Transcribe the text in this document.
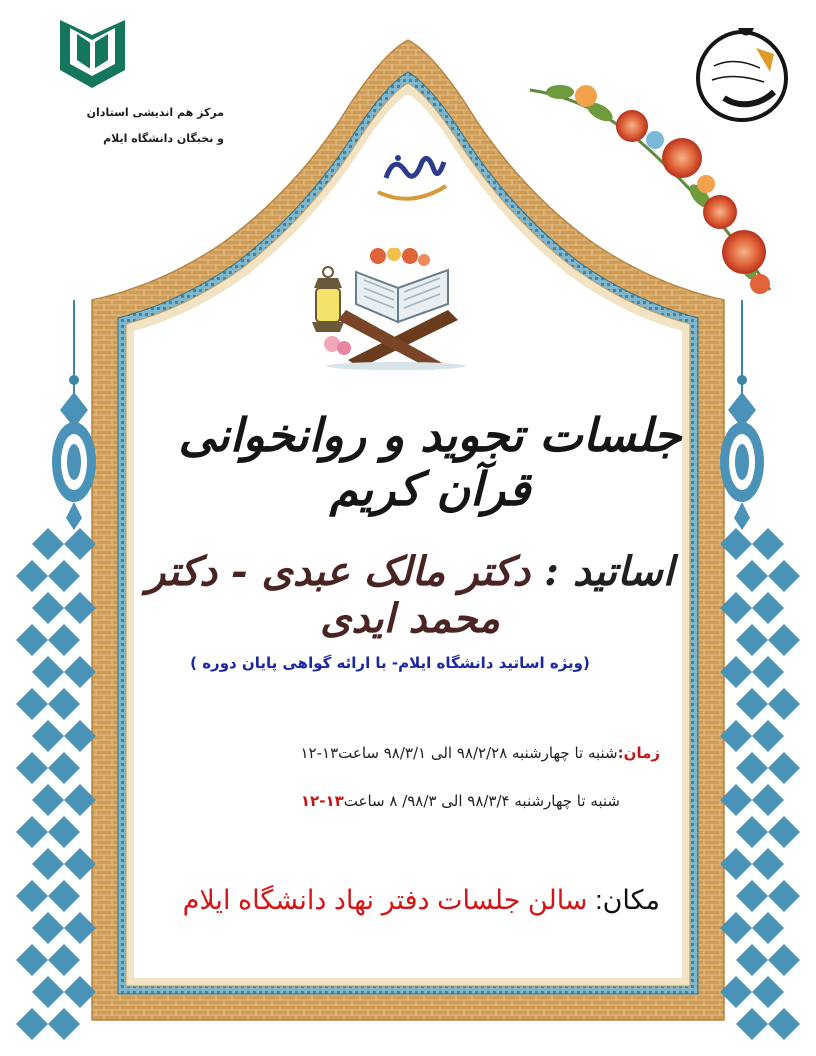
مرکز هم اندیشی استادان
و نخبگان دانشگاه ایلام
جلسات تجوید و روانخوانی قرآن کریم
اساتید : دکتر مالک عبدی - دکتر محمد ایدی
(ویژه اساتید دانشگاه ایلام- با ارائه گواهی پایان دوره )
زمان:شنبه تا چهارشنبه ۹۸/۲/۲۸ الی ۹۸/۳/۱ ساعت۱۳-۱۲
شنبه تا چهارشنبه ۹۸/۳/۴ الی ۹۸/۳/ ۸ ساعت۱۳-۱۲
مکان: سالن جلسات دفتر نهاد دانشگاه ایلام
